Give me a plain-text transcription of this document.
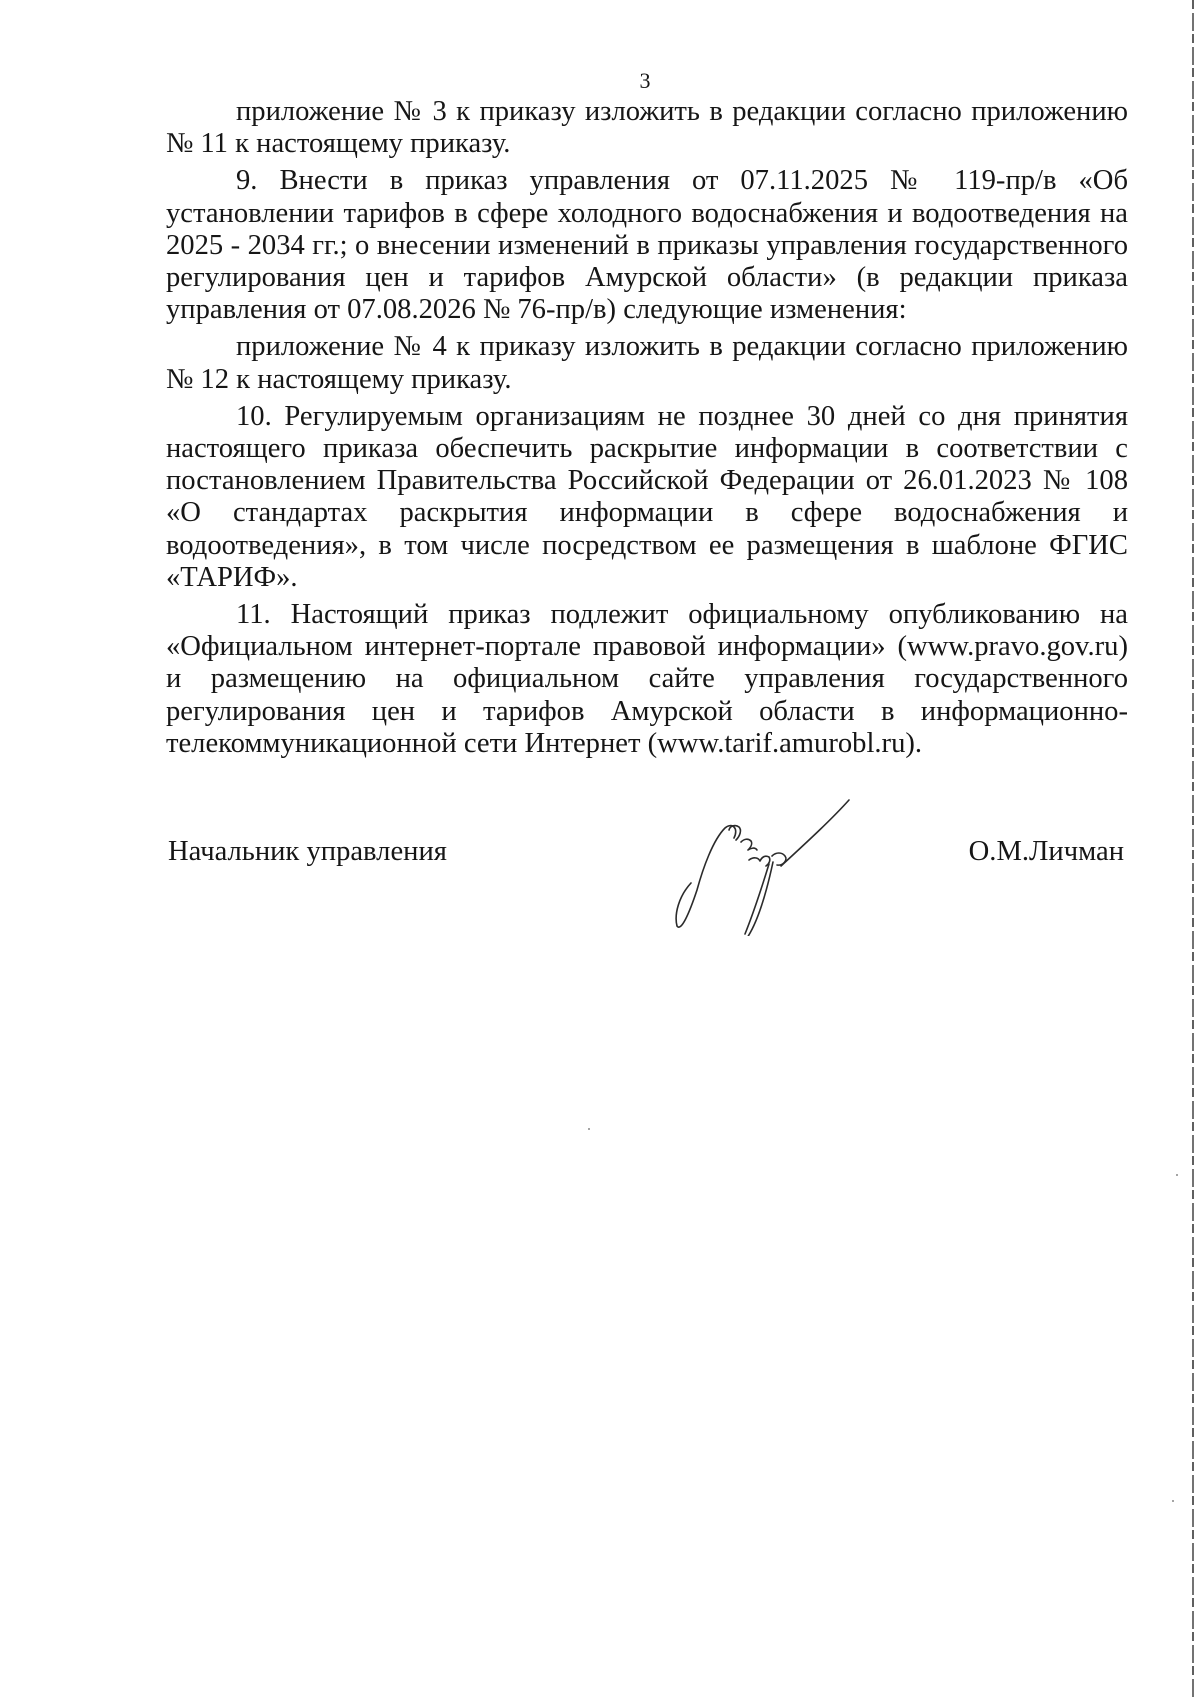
3

приложение № 3 к приказу изложить в редакции согласно приложению № 11 к настоящему приказу.

9. Внести в приказ управления от 07.11.2025 № 119-пр/в «Об установлении тарифов в сфере холодного водоснабжения и водоотведения на 2025 - 2034 гг.; о внесении изменений в приказы управления государственного регулирования цен и тарифов Амурской области» (в редакции приказа управления от 07.08.2026 № 76-пр/в) следующие изменения:

приложение № 4 к приказу изложить в редакции согласно приложению № 12 к настоящему приказу.

10. Регулируемым организациям не позднее 30 дней со дня принятия настоящего приказа обеспечить раскрытие информации в соответствии с постановлением Правительства Российской Федерации от 26.01.2023 № 108 «О стандартах раскрытия информации в сфере водоснабжения и водоотведения», в том числе посредством ее размещения в шаблоне ФГИС «ТАРИФ».

11. Настоящий приказ подлежит официальному опубликованию на «Официальном интернет-портале правовой информации» (www.pravo.gov.ru) и размещению на официальном сайте управления государственного регулирования цен и тарифов Амурской области в информационно-телекоммуникационной сети Интернет (www.tarif.amurobl.ru).

Начальник управления	О.М.Личман
